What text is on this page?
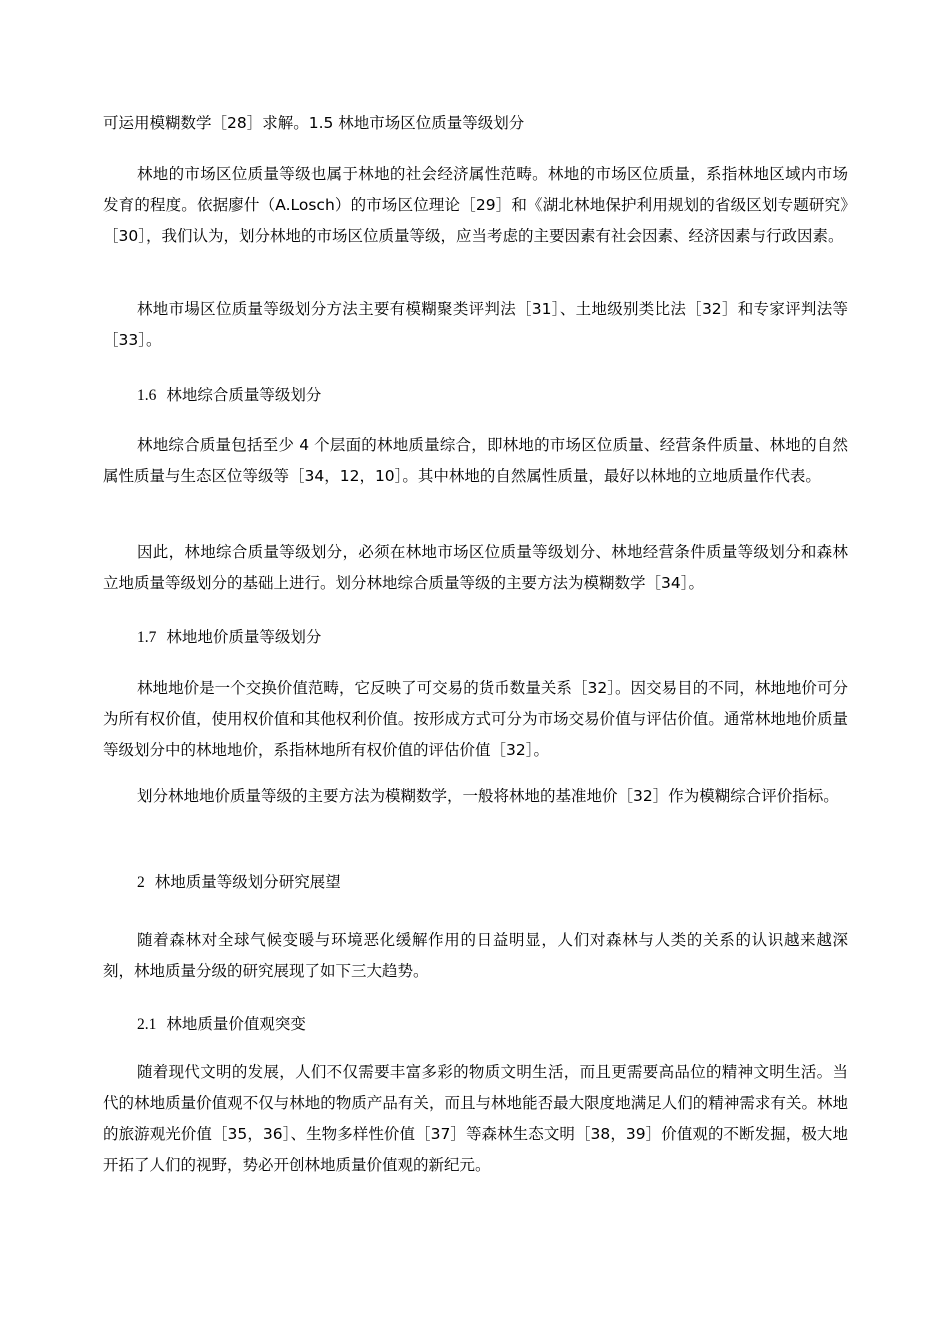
可运用模糊数学［28］求解。1.5 林地市场区位质量等级划分

林地的市场区位质量等级也属于林地的社会经济属性范畴。林地的市场区位质量，系指林地区域内市场发育的程度。依据廖什（A.Losch）的市场区位理论［29］和《湖北林地保护利用规划的省级区划专题研究》［30］，我们认为，划分林地的市场区位质量等级，应当考虑的主要因素有社会因素、经济因素与行政因素。

林地市場区位质量等级划分方法主要有模糊聚类评判法［31］、土地级别类比法［32］和专家评判法等［33］。

1.6 林地综合质量等级划分

林地综合质量包括至少 4 个层面的林地质量综合，即林地的市场区位质量、经营条件质量、林地的自然属性质量与生态区位等级等［34，12，10］。其中林地的自然属性质量，最好以林地的立地质量作代表。

因此，林地综合质量等级划分，必须在林地市场区位质量等级划分、林地经营条件质量等级划分和森林立地质量等级划分的基础上进行。划分林地综合质量等级的主要方法为模糊数学［34］。

1.7 林地地价质量等级划分

林地地价是一个交换价值范畴，它反映了可交易的货币数量关系［32］。因交易目的不同，林地地价可分为所有权价值，使用权价值和其他权利价值。按形成方式可分为市场交易价值与评估价值。通常林地地价质量等级划分中的林地地价，系指林地所有权价值的评估价值［32］。

划分林地地价质量等级的主要方法为模糊数学，一般将林地的基准地价［32］作为模糊综合评价指标。

2 林地质量等级划分研究展望

随着森林对全球气候变暖与环境恶化缓解作用的日益明显，人们对森林与人类的关系的认识越来越深刻，林地质量分级的研究展现了如下三大趋势。

2.1 林地质量价值观突变

随着现代文明的发展，人们不仅需要丰富多彩的物质文明生活，而且更需要高品位的精神文明生活。当代的林地质量价值观不仅与林地的物质产品有关，而且与林地能否最大限度地满足人们的精神需求有关。林地的旅游观光价值［35，36］、生物多样性价值［37］等森林生态文明［38，39］价值观的不断发掘，极大地开拓了人们的视野，势必开创林地质量价值观的新纪元。
